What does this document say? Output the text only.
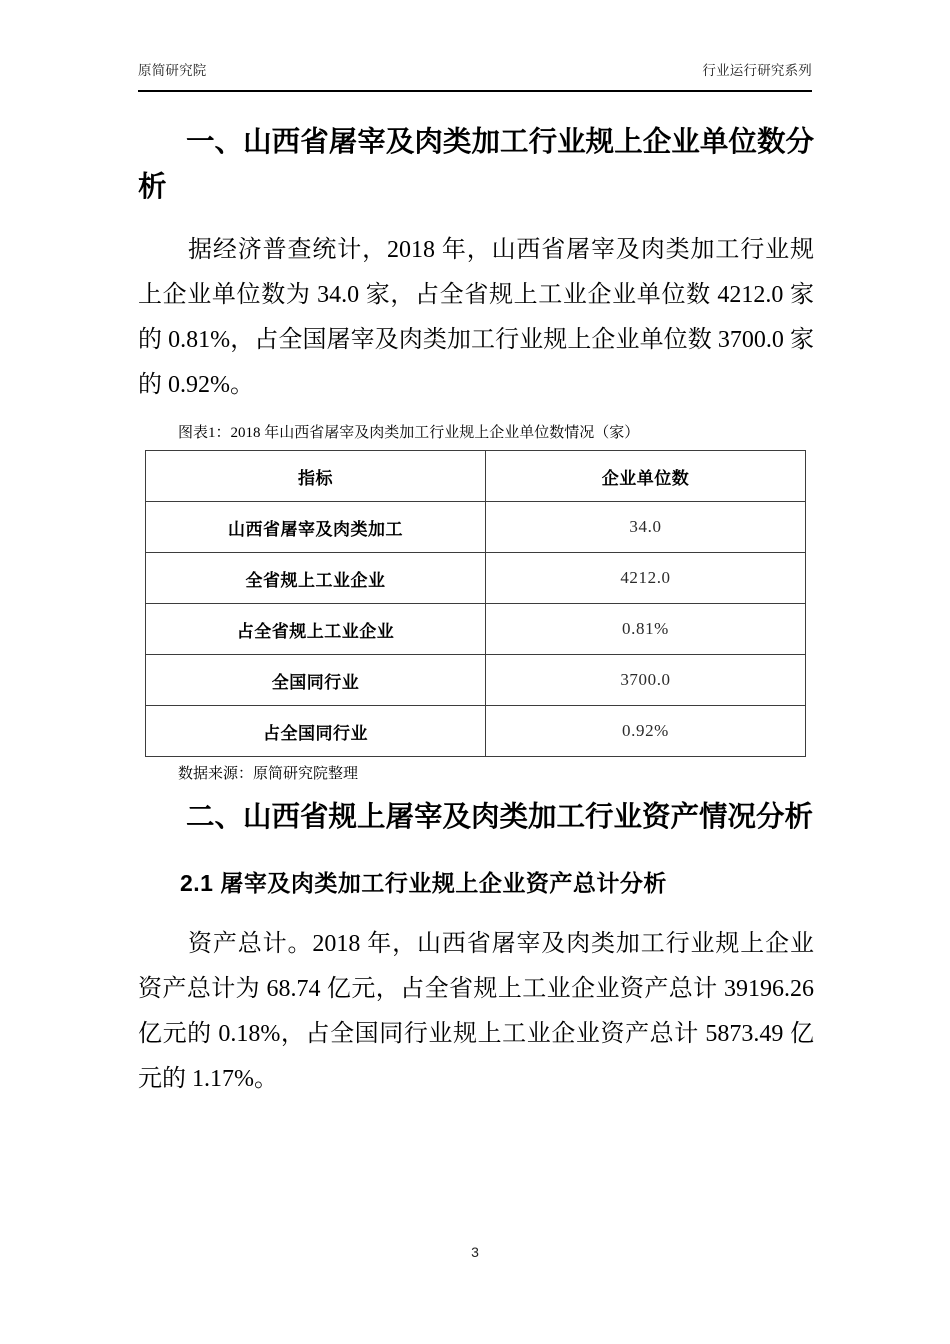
原简研究院	行业运行研究系列
一、山西省屠宰及肉类加工行业规上企业单位数分析

据经济普查统计，2018 年，山西省屠宰及肉类加工行业规上企业单位数为 34.0 家，占全省规上工业企业单位数 4212.0 家的 0.81%，占全国屠宰及肉类加工行业规上企业单位数 3700.0 家的 0.92%。

图表1：2018 年山西省屠宰及肉类加工行业规上企业单位数情况（家）
指标	企业单位数
山西省屠宰及肉类加工	34.0
全省规上工业企业	4212.0
占全省规上工业企业	0.81%
全国同行业	3700.0
占全国同行业	0.92%
数据来源：原简研究院整理
二、山西省规上屠宰及肉类加工行业资产情况分析
2.1 屠宰及肉类加工行业规上企业资产总计分析

资产总计。2018 年，山西省屠宰及肉类加工行业规上企业资产总计为 68.74 亿元，占全省规上工业企业资产总计 39196.26 亿元的 0.18%，占全国同行业规上工业企业资产总计 5873.49 亿元的 1.17%。

3
